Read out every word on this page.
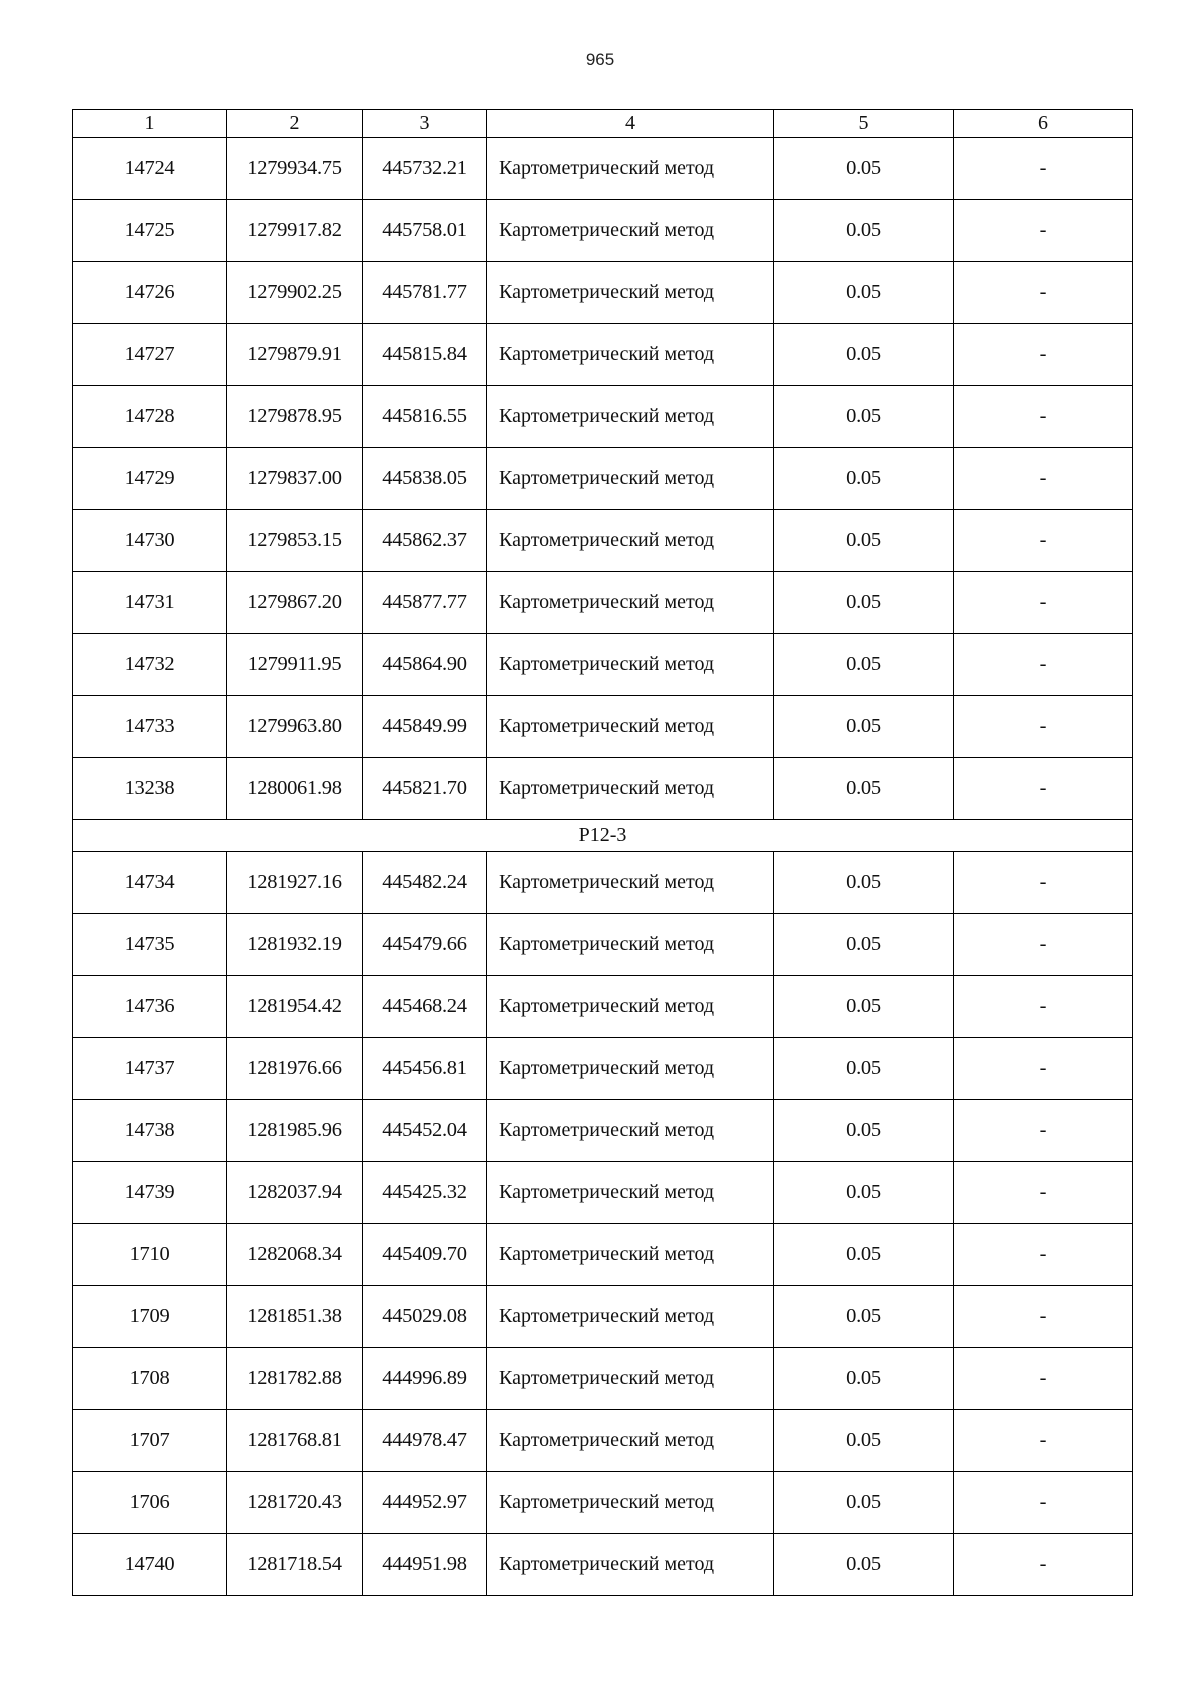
965
1	2	3	4	5	6
14724	1279934.75	445732.21	Картометрический метод	0.05	-
14725	1279917.82	445758.01	Картометрический метод	0.05	-
14726	1279902.25	445781.77	Картометрический метод	0.05	-
14727	1279879.91	445815.84	Картометрический метод	0.05	-
14728	1279878.95	445816.55	Картометрический метод	0.05	-
14729	1279837.00	445838.05	Картометрический метод	0.05	-
14730	1279853.15	445862.37	Картометрический метод	0.05	-
14731	1279867.20	445877.77	Картометрический метод	0.05	-
14732	1279911.95	445864.90	Картометрический метод	0.05	-
14733	1279963.80	445849.99	Картометрический метод	0.05	-
13238	1280061.98	445821.70	Картометрический метод	0.05	-
Р12-3					
14734	1281927.16	445482.24	Картометрический метод	0.05	-
14735	1281932.19	445479.66	Картометрический метод	0.05	-
14736	1281954.42	445468.24	Картометрический метод	0.05	-
14737	1281976.66	445456.81	Картометрический метод	0.05	-
14738	1281985.96	445452.04	Картометрический метод	0.05	-
14739	1282037.94	445425.32	Картометрический метод	0.05	-
1710	1282068.34	445409.70	Картометрический метод	0.05	-
1709	1281851.38	445029.08	Картометрический метод	0.05	-
1708	1281782.88	444996.89	Картометрический метод	0.05	-
1707	1281768.81	444978.47	Картометрический метод	0.05	-
1706	1281720.43	444952.97	Картометрический метод	0.05	-
14740	1281718.54	444951.98	Картометрический метод	0.05	-
